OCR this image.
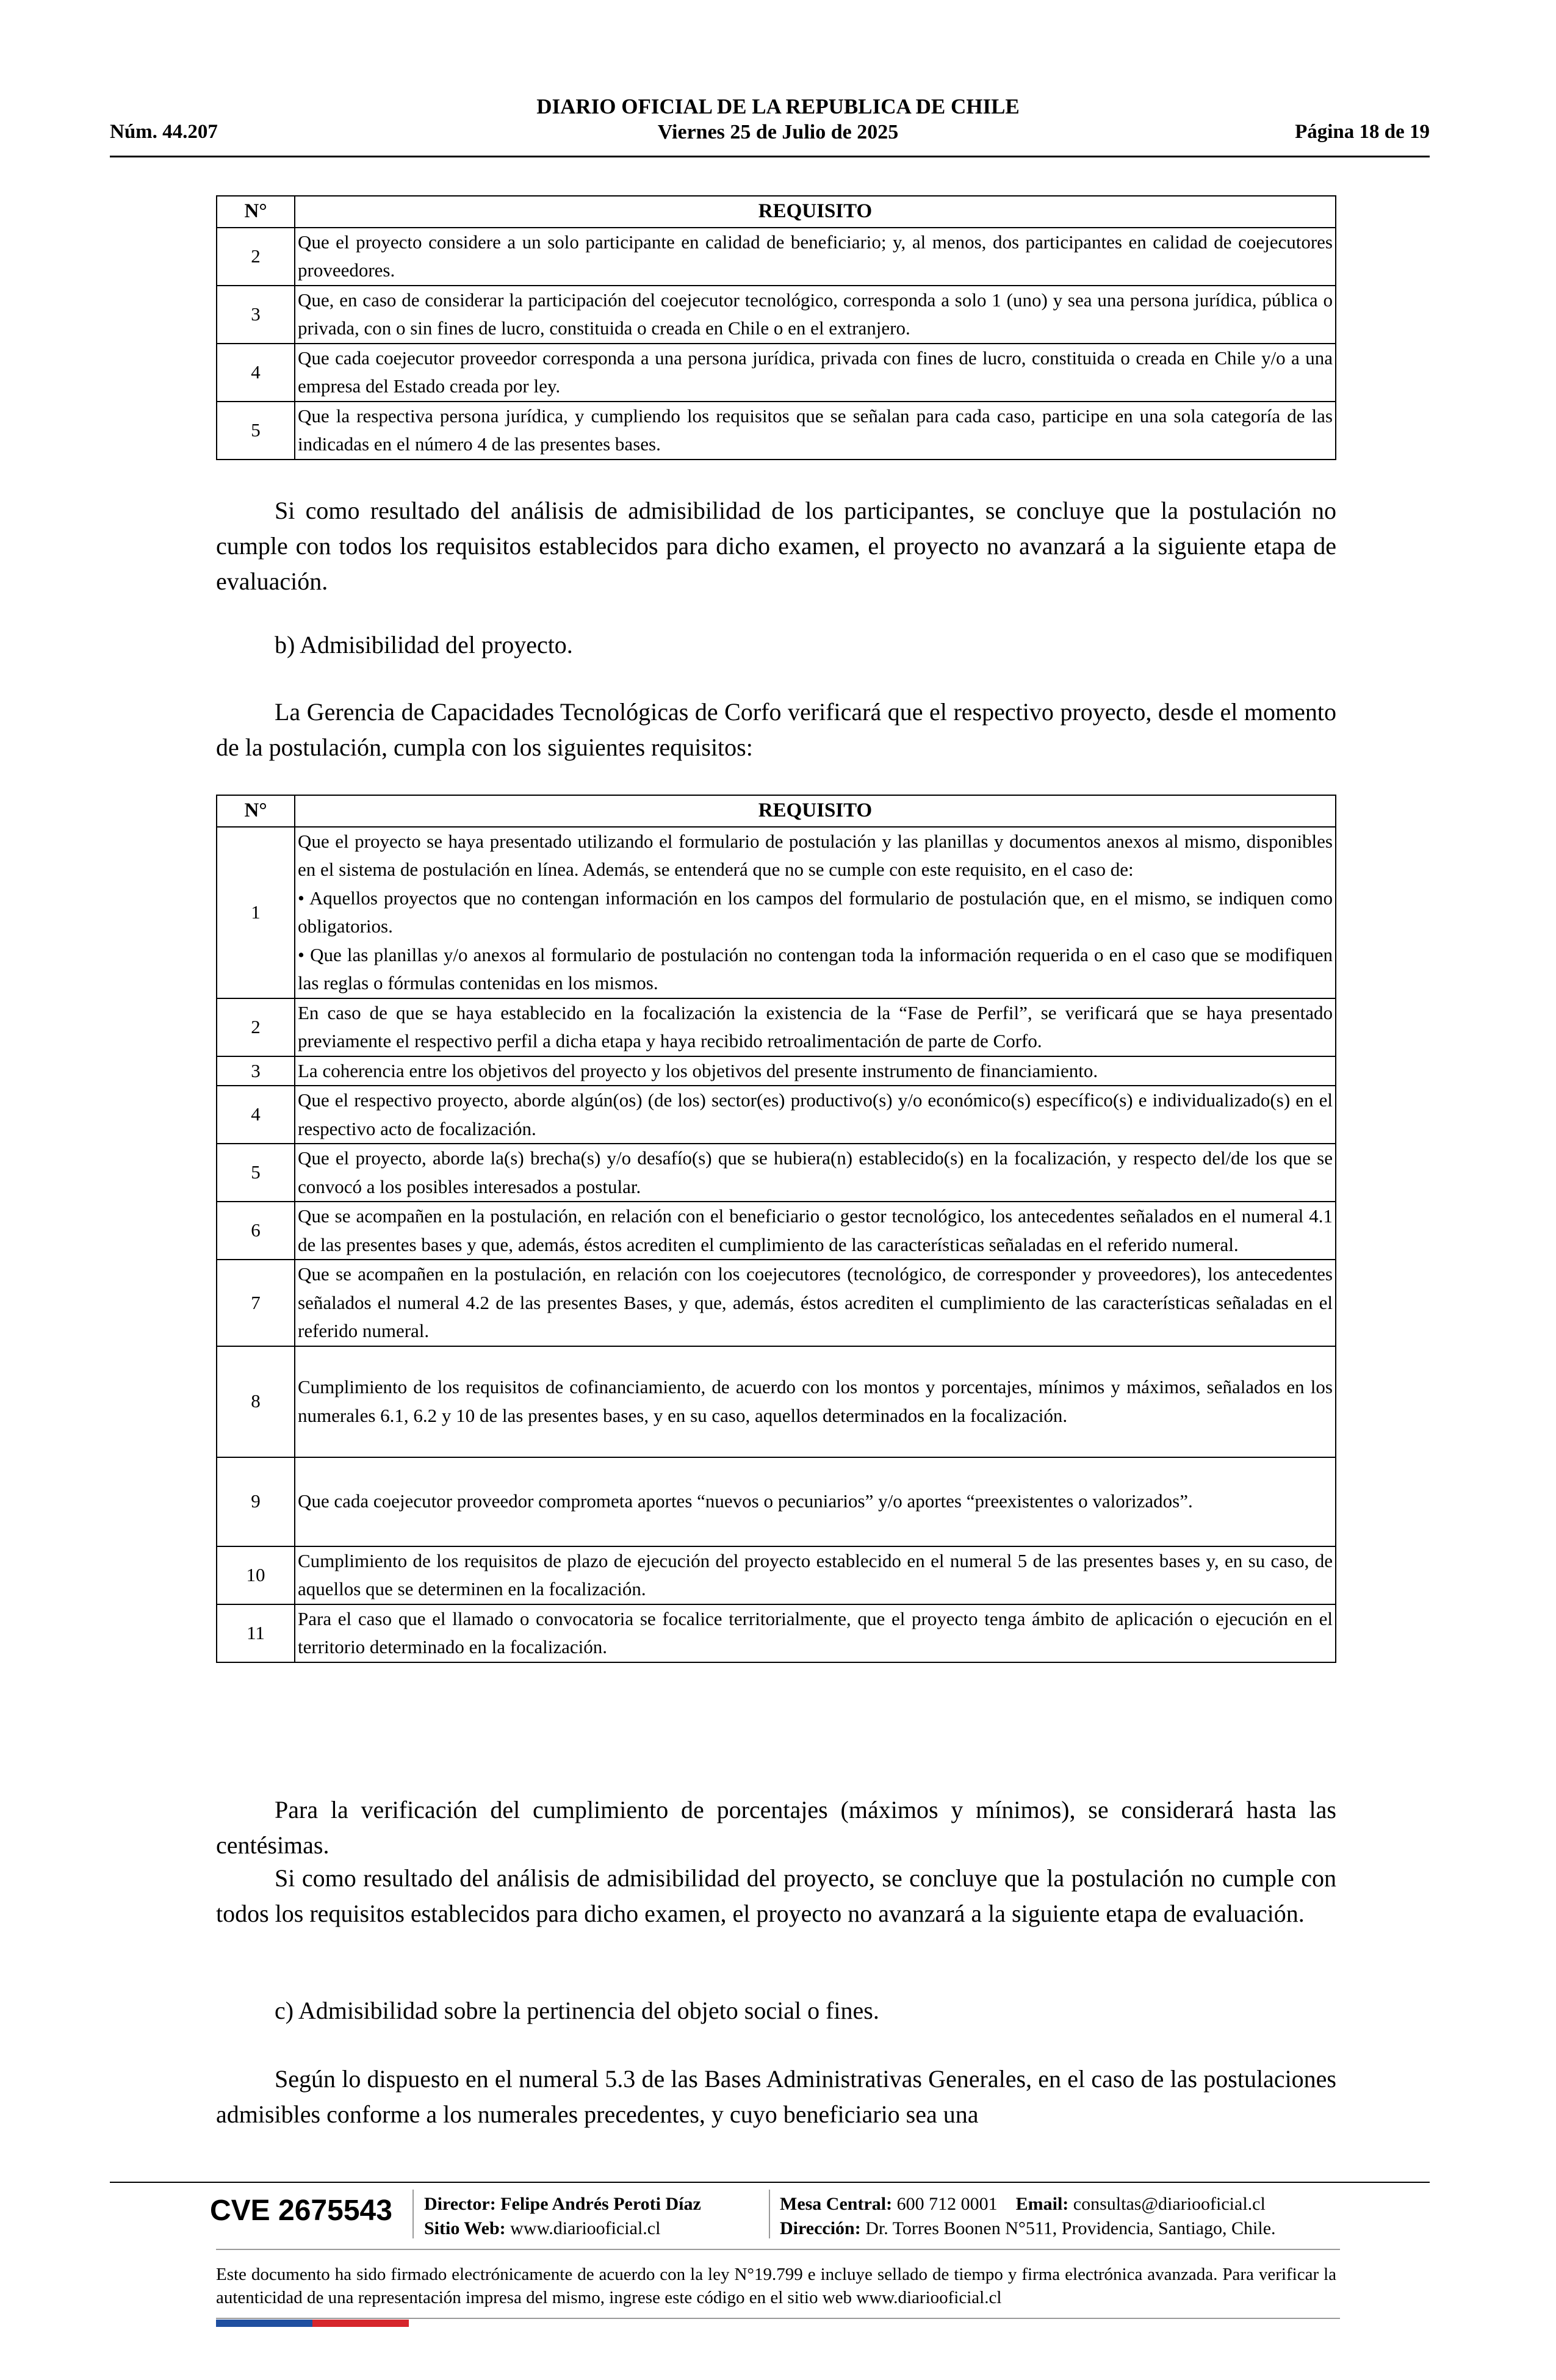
DIARIO OFICIAL DE LA REPUBLICA DE CHILE
Núm. 44.207	Viernes 25 de Julio de 2025	Página 18 de 19
N°	REQUISITO
2	Que el proyecto considere a un solo participante en calidad de beneficiario; y, al menos, dos participantes en calidad de coejecutores proveedores.
3	Que, en caso de considerar la participación del coejecutor tecnológico, corresponda a solo 1 (uno) y sea una persona jurídica, pública o privada, con o sin fines de lucro, constituida o creada en Chile o en el extranjero.
4	Que cada coejecutor proveedor corresponda a una persona jurídica, privada con fines de lucro, constituida o creada en Chile y/o a una empresa del Estado creada por ley.
5	Que la respectiva persona jurídica, y cumpliendo los requisitos que se señalan para cada caso, participe en una sola categoría de las indicadas en el número 4 de las presentes bases.
Si como resultado del análisis de admisibilidad de los participantes, se concluye que la postulación no cumple con todos los requisitos establecidos para dicho examen, el proyecto no avanzará a la siguiente etapa de evaluación.
b) Admisibilidad del proyecto.
La Gerencia de Capacidades Tecnológicas de Corfo verificará que el respectivo proyecto, desde el momento de la postulación, cumpla con los siguientes requisitos:
N°	REQUISITO
1	Que el proyecto se haya presentado utilizando el formulario de postulación y las planillas y documentos anexos al mismo, disponibles en el sistema de postulación en línea. Además, se entenderá que no se cumple con este requisito, en el caso de:
• Aquellos proyectos que no contengan información en los campos del formulario de postulación que, en el mismo, se indiquen como obligatorios.
• Que las planillas y/o anexos al formulario de postulación no contengan toda la información requerida o en el caso que se modifiquen las reglas o fórmulas contenidas en los mismos.

2	En caso de que se haya establecido en la focalización la existencia de la “Fase de Perfil”, se verificará que se haya presentado previamente el respectivo perfil a dicha etapa y haya recibido retroalimentación de parte de Corfo.
3	La coherencia entre los objetivos del proyecto y los objetivos del presente instrumento de financiamiento.
4	Que el respectivo proyecto, aborde algún(os) (de los) sector(es) productivo(s) y/o económico(s) específico(s) e individualizado(s) en el respectivo acto de focalización.
5	Que el proyecto, aborde la(s) brecha(s) y/o desafío(s) que se hubiera(n) establecido(s) en la focalización, y respecto del/de los que se convocó a los posibles interesados a postular.
6	Que se acompañen en la postulación, en relación con el beneficiario o gestor tecnológico, los antecedentes señalados en el numeral 4.1 de las presentes bases y que, además, éstos acrediten el cumplimiento de las características señaladas en el referido numeral.
7	Que se acompañen en la postulación, en relación con los coejecutores (tecnológico, de corresponder y proveedores), los antecedentes señalados el numeral 4.2 de las presentes Bases, y que, además, éstos acrediten el cumplimiento de las características señaladas en el referido numeral.
8	Cumplimiento de los requisitos de cofinanciamiento, de acuerdo con los montos y porcentajes, mínimos y máximos, señalados en los numerales 6.1, 6.2 y 10 de las presentes bases, y en su caso, aquellos determinados en la focalización.
9	Que cada coejecutor proveedor comprometa aportes “nuevos o pecuniarios” y/o aportes “preexistentes o valorizados”.
10	Cumplimiento de los requisitos de plazo de ejecución del proyecto establecido en el numeral 5 de las presentes bases y, en su caso, de aquellos que se determinen en la focalización.
11	Para el caso que el llamado o convocatoria se focalice territorialmente, que el proyecto tenga ámbito de aplicación o ejecución en el territorio determinado en la focalización.
Para la verificación del cumplimiento de porcentajes (máximos y mínimos), se considerará hasta las centésimas.
Si como resultado del análisis de admisibilidad del proyecto, se concluye que la postulación no cumple con todos los requisitos establecidos para dicho examen, el proyecto no avanzará a la siguiente etapa de evaluación.
c) Admisibilidad sobre la pertinencia del objeto social o fines.
Según lo dispuesto en el numeral 5.3 de las Bases Administrativas Generales, en el caso de las postulaciones admisibles conforme a los numerales precedentes, y cuyo beneficiario sea una
CVE 2675543 Director: Felipe Andrés Peroti Díaz
Sitio Web: www.diariooficial.cl
Mesa Central: 600 712 0001 Email: consultas@diariooficial.cl
Dirección: Dr. Torres Boonen N°511, Providencia, Santiago, Chile.
Este documento ha sido firmado electrónicamente de acuerdo con la ley N°19.799 e incluye sellado de tiempo y firma electrónica avanzada. Para verificar la autenticidad de una representación impresa del mismo, ingrese este código en el sitio web www.diariooficial.cl
